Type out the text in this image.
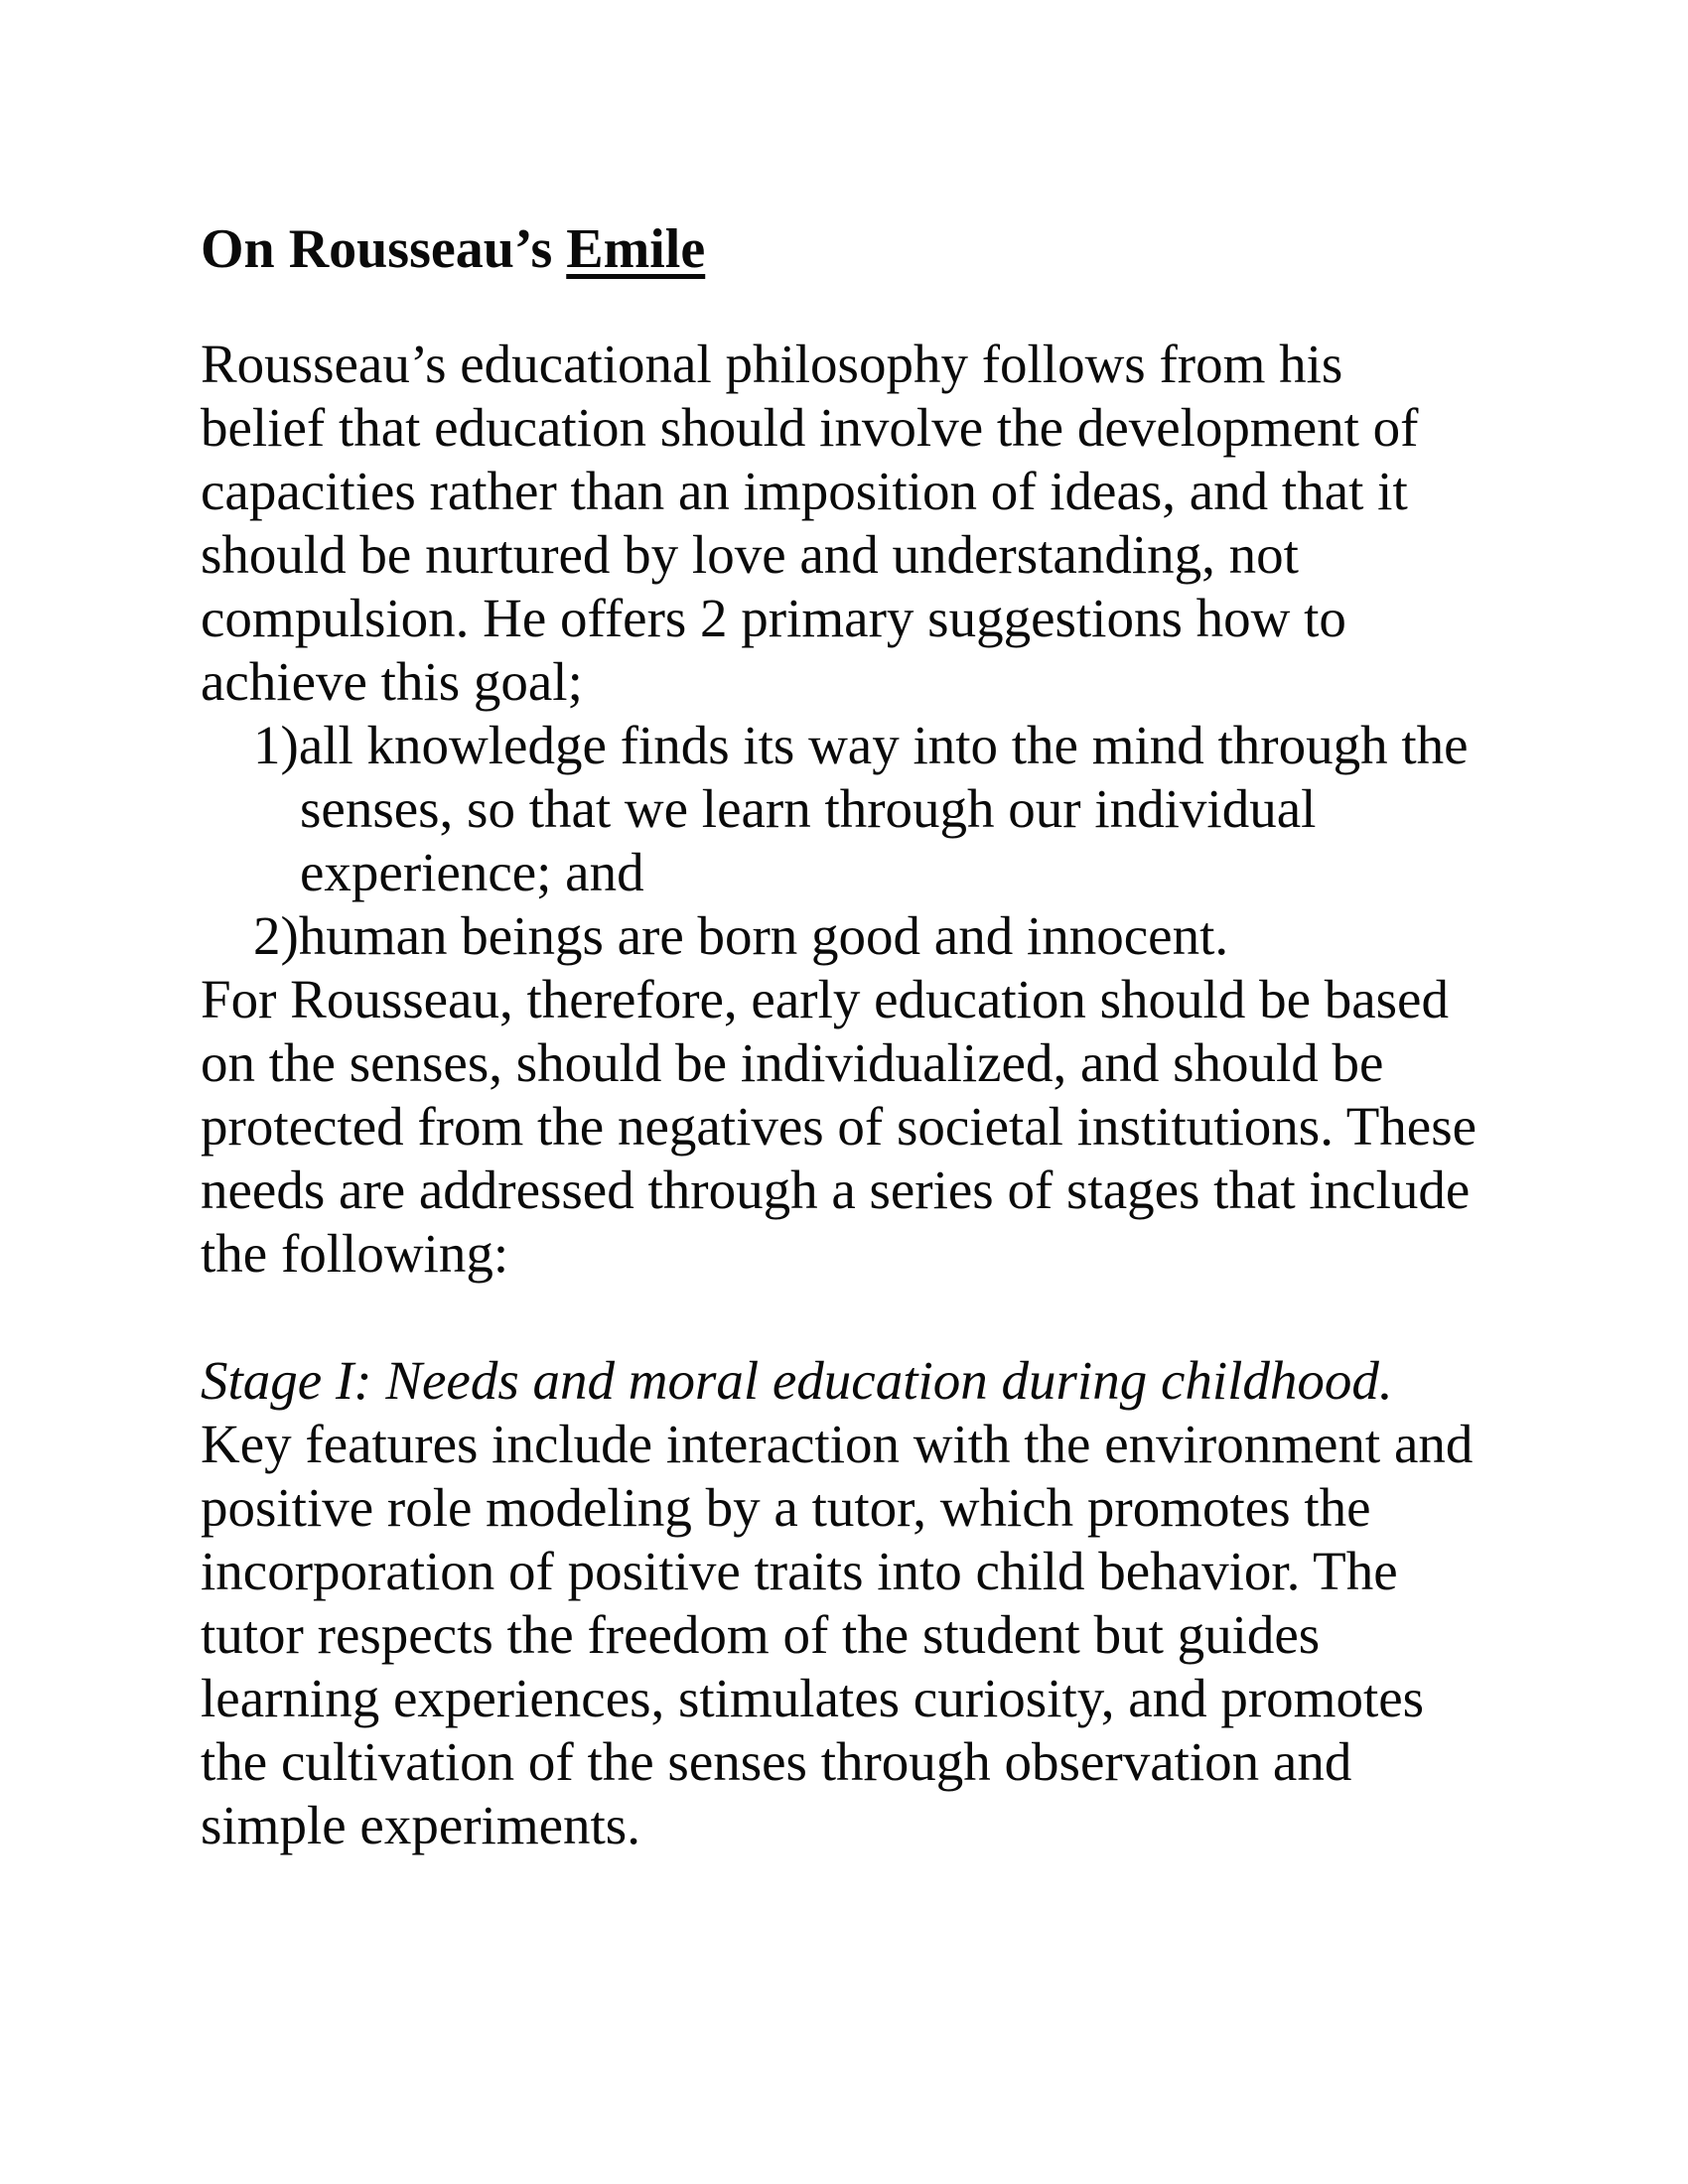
On Rousseau’s Emile
Rousseau’s educational philosophy follows from his
belief that education should involve the development of
capacities rather than an imposition of ideas, and that it
should be nurtured by love and understanding, not
compulsion. He offers 2 primary suggestions how to
achieve this goal;
1)all knowledge finds its way into the mind through the
senses, so that we learn through our individual
experience; and
2)human beings are born good and innocent.
For Rousseau, therefore, early education should be based
on the senses, should be individualized, and should be
protected from the negatives of societal institutions. These
needs are addressed through a series of stages that include
the following:
Stage I: Needs and moral education during childhood.
Key features include interaction with the environment and
positive role modeling by a tutor, which promotes the
incorporation of positive traits into child behavior. The
tutor respects the freedom of the student but guides
learning experiences, stimulates curiosity, and promotes
the cultivation of the senses through observation and
simple experiments.
